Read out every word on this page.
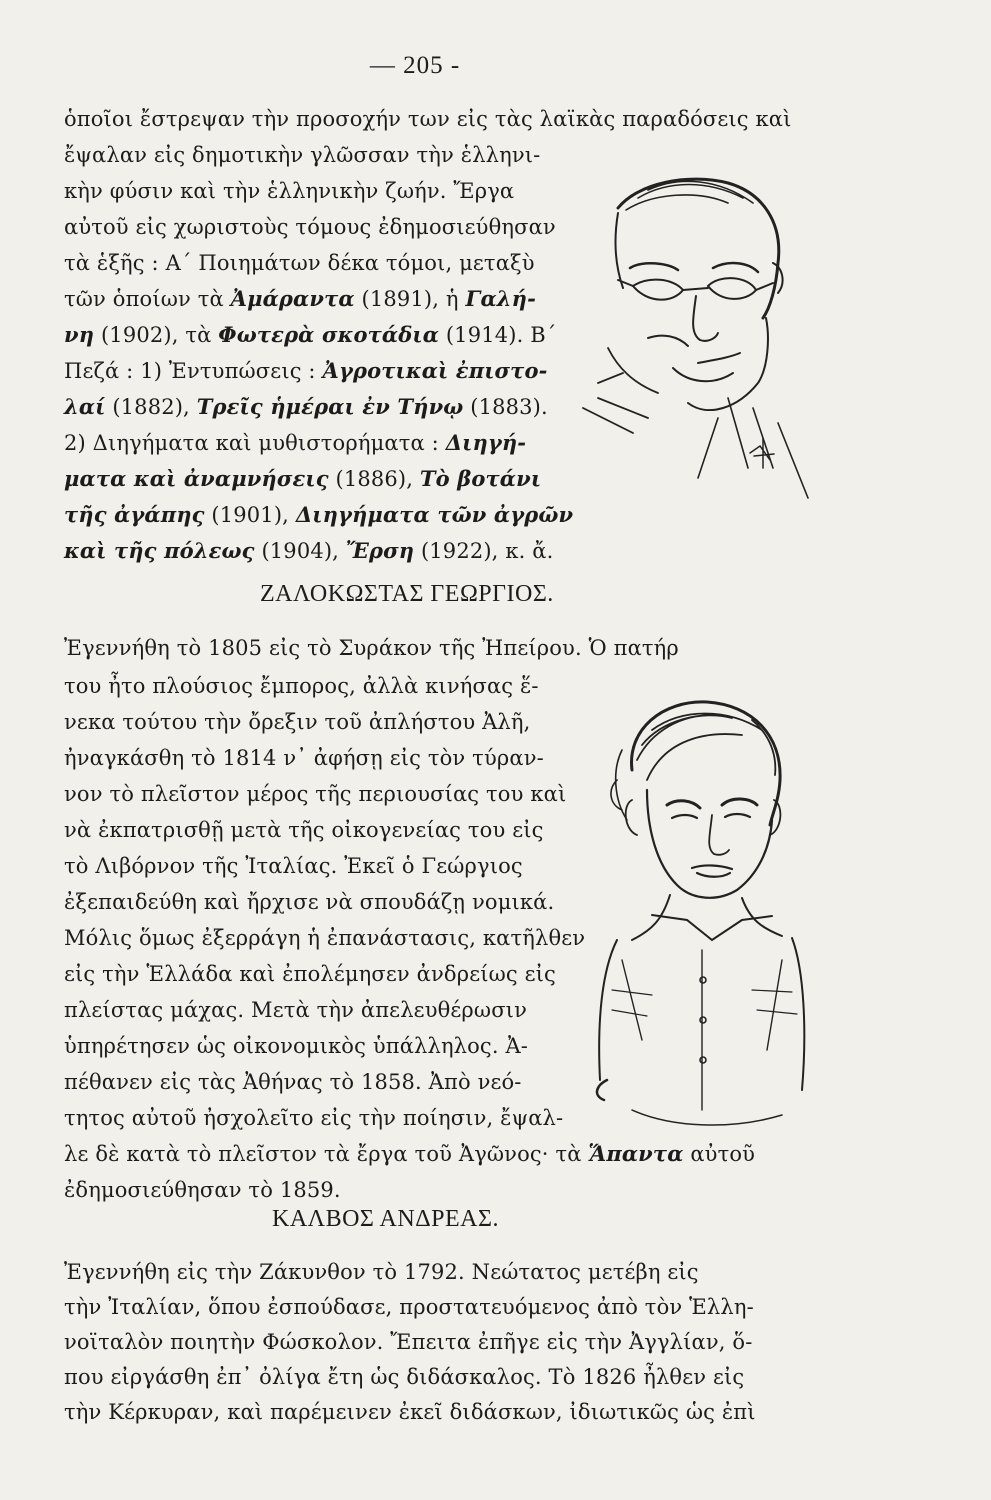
— 205 -
ὁποῖοι ἔστρεψαν τὴν προσοχήν των εἰς τὰς λαϊκὰς παραδόσεις καὶ
ἔψαλαν εἰς δημοτικὴν γλῶσσαν τὴν ἑλληνι-
κὴν φύσιν καὶ τὴν ἑλληνικὴν ζωήν. Ἔργα
αὐτοῦ εἰς χωριστοὺς τόμους ἐδημοσιεύθησαν
τὰ ἑξῆς : Α΄ Ποιημάτων δέκα τόμοι, μεταξὺ
τῶν ὁποίων τὰ Ἀμάραντα (1891), ἡ Γαλή-
νη (1902), τὰ Φωτερὰ σκοτάδια (1914). Β΄
Πεζά : 1) Ἐντυπώσεις : Ἀγροτικαὶ ἐπιστο-
λαί (1882), Τρεῖς ἡμέραι ἐν Τήνῳ (1883).
2) Διηγήματα καὶ μυθιστορήματα : Διηγή-
ματα καὶ ἀναμνήσεις (1886), Τὸ βοτάνι
τῆς ἀγάπης (1901), Διηγήματα τῶν ἀγρῶν
καὶ τῆς πόλεως (1904), Ἔρση (1922), κ. ἄ.
ΖΑΛΟΚΩΣΤΑΣ ΓΕΩΡΓΙΟΣ.
Ἐγεννήθη τὸ 1805 εἰς τὸ Συράκον τῆς Ἠπείρου. Ὁ πατήρ
του ἦτο πλούσιος ἔμπορος, ἀλλὰ κινήσας ἕ-
νεκα τούτου τὴν ὄρεξιν τοῦ ἀπλήστου Ἀλῆ,
ἠναγκάσθη τὸ 1814 ν᾿ ἀφήσῃ εἰς τὸν τύραν-
νον τὸ πλεῖστον μέρος τῆς περιουσίας του καὶ
νὰ ἐκπατρισθῇ μετὰ τῆς οἰκογενείας του εἰς
τὸ Λιβόρνον τῆς Ἰταλίας. Ἐκεῖ ὁ Γεώργιος
ἐξεπαιδεύθη καὶ ἤρχισε νὰ σπουδάζῃ νομικά.
Μόλις ὅμως ἐξερράγη ἡ ἐπανάστασις, κατῆλθεν
εἰς τὴν Ἑλλάδα καὶ ἐπολέμησεν ἀνδρείως εἰς
πλείστας μάχας. Μετὰ τὴν ἀπελευθέρωσιν
ὑπηρέτησεν ὡς οἰκονομικὸς ὑπάλληλος. Ἀ-
πέθανεν εἰς τὰς Ἀθήνας τὸ 1858. Ἀπὸ νεό-
τητος αὐτοῦ ἠσχολεῖτο εἰς τὴν ποίησιν, ἔψαλ-
λε δὲ κατὰ τὸ πλεῖστον τὰ ἔργα τοῦ Ἀγῶνος· τὰ Ἅπαντα αὐτοῦ
ἐδημοσιεύθησαν τὸ 1859.
ΚΑΛΒΟΣ ΑΝΔΡΕΑΣ.
Ἐγεννήθη εἰς τὴν Ζάκυνθον τὸ 1792. Νεώτατος μετέβη εἰς
τὴν Ἰταλίαν, ὅπου ἐσπούδασε, προστατευόμενος ἀπὸ τὸν Ἑλλη-
νοϊταλὸν ποιητὴν Φώσκολον. Ἔπειτα ἐπῆγε εἰς τὴν Ἀγγλίαν, ὅ-
που εἰργάσθη ἐπ᾿ ὀλίγα ἔτη ὡς διδάσκαλος. Τὸ 1826 ἦλθεν εἰς
τὴν Κέρκυραν, καὶ παρέμεινεν ἐκεῖ διδάσκων, ἰδιωτικῶς ὡς ἐπὶ
